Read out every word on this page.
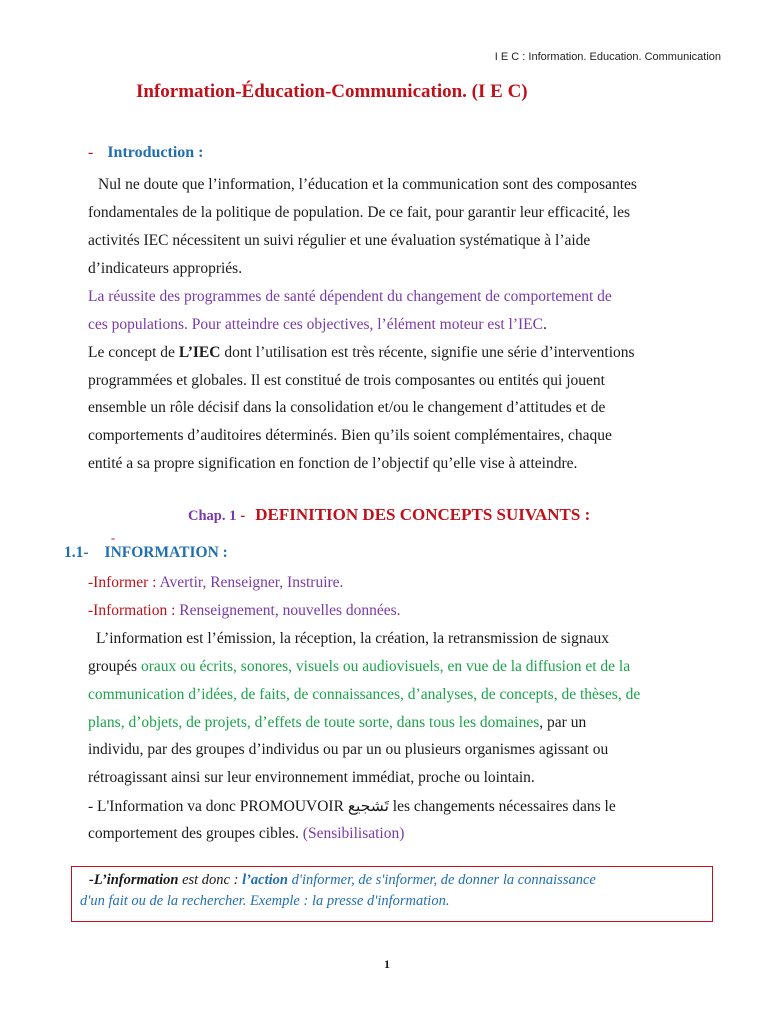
I E C : Information. Education. Communication
Information-Éducation-Communication. (I E C)
- Introduction :
Nul ne doute que l’information, l’éducation et la communication sont des composantes
fondamentales de la politique de population. De ce fait, pour garantir leur efficacité, les
activités IEC nécessitent un suivi régulier et une évaluation systématique à l’aide
d’indicateurs appropriés.
La réussite des programmes de santé dépendent du changement de comportement de
ces populations. Pour atteindre ces objectives, l’élément moteur est l’IEC.
Le concept de L’IEC dont l’utilisation est très récente, signifie une série d’interventions
programmées et globales. Il est constitué de trois composantes ou entités qui jouent
ensemble un rôle décisif dans la consolidation et/ou le changement d’attitudes et de
comportements d’auditoires déterminés. Bien qu’ils soient complémentaires, chaque
entité a sa propre signification en fonction de l’objectif qu’elle vise à atteindre.
Chap. 1 - DEFINITION DES CONCEPTS SUIVANTS :
-
1.1- INFORMATION :
-Informer : Avertir, Renseigner, Instruire.
-Information : Renseignement, nouvelles données.
L’information est l’émission, la réception, la création, la retransmission de signaux
groupés oraux ou écrits, sonores, visuels ou audiovisuels, en vue de la diffusion et de la
communication d’idées, de faits, de connaissances, d’analyses, de concepts, de thèses, de
plans, d’objets, de projets, d’effets de toute sorte, dans tous les domaines, par un
individu, par des groupes d’individus ou par un ou plusieurs organismes agissant ou
rétroagissant ainsi sur leur environnement immédiat, proche ou lointain.
- L'Information va donc PROMOUVOIR تَشجيع les changements nécessaires dans le
comportement des groupes cibles. (Sensibilisation)
-L’information est donc : l’action d'informer, de s'informer, de donner la connaissance
d'un fait ou de la rechercher. Exemple : la presse d'information.
1
